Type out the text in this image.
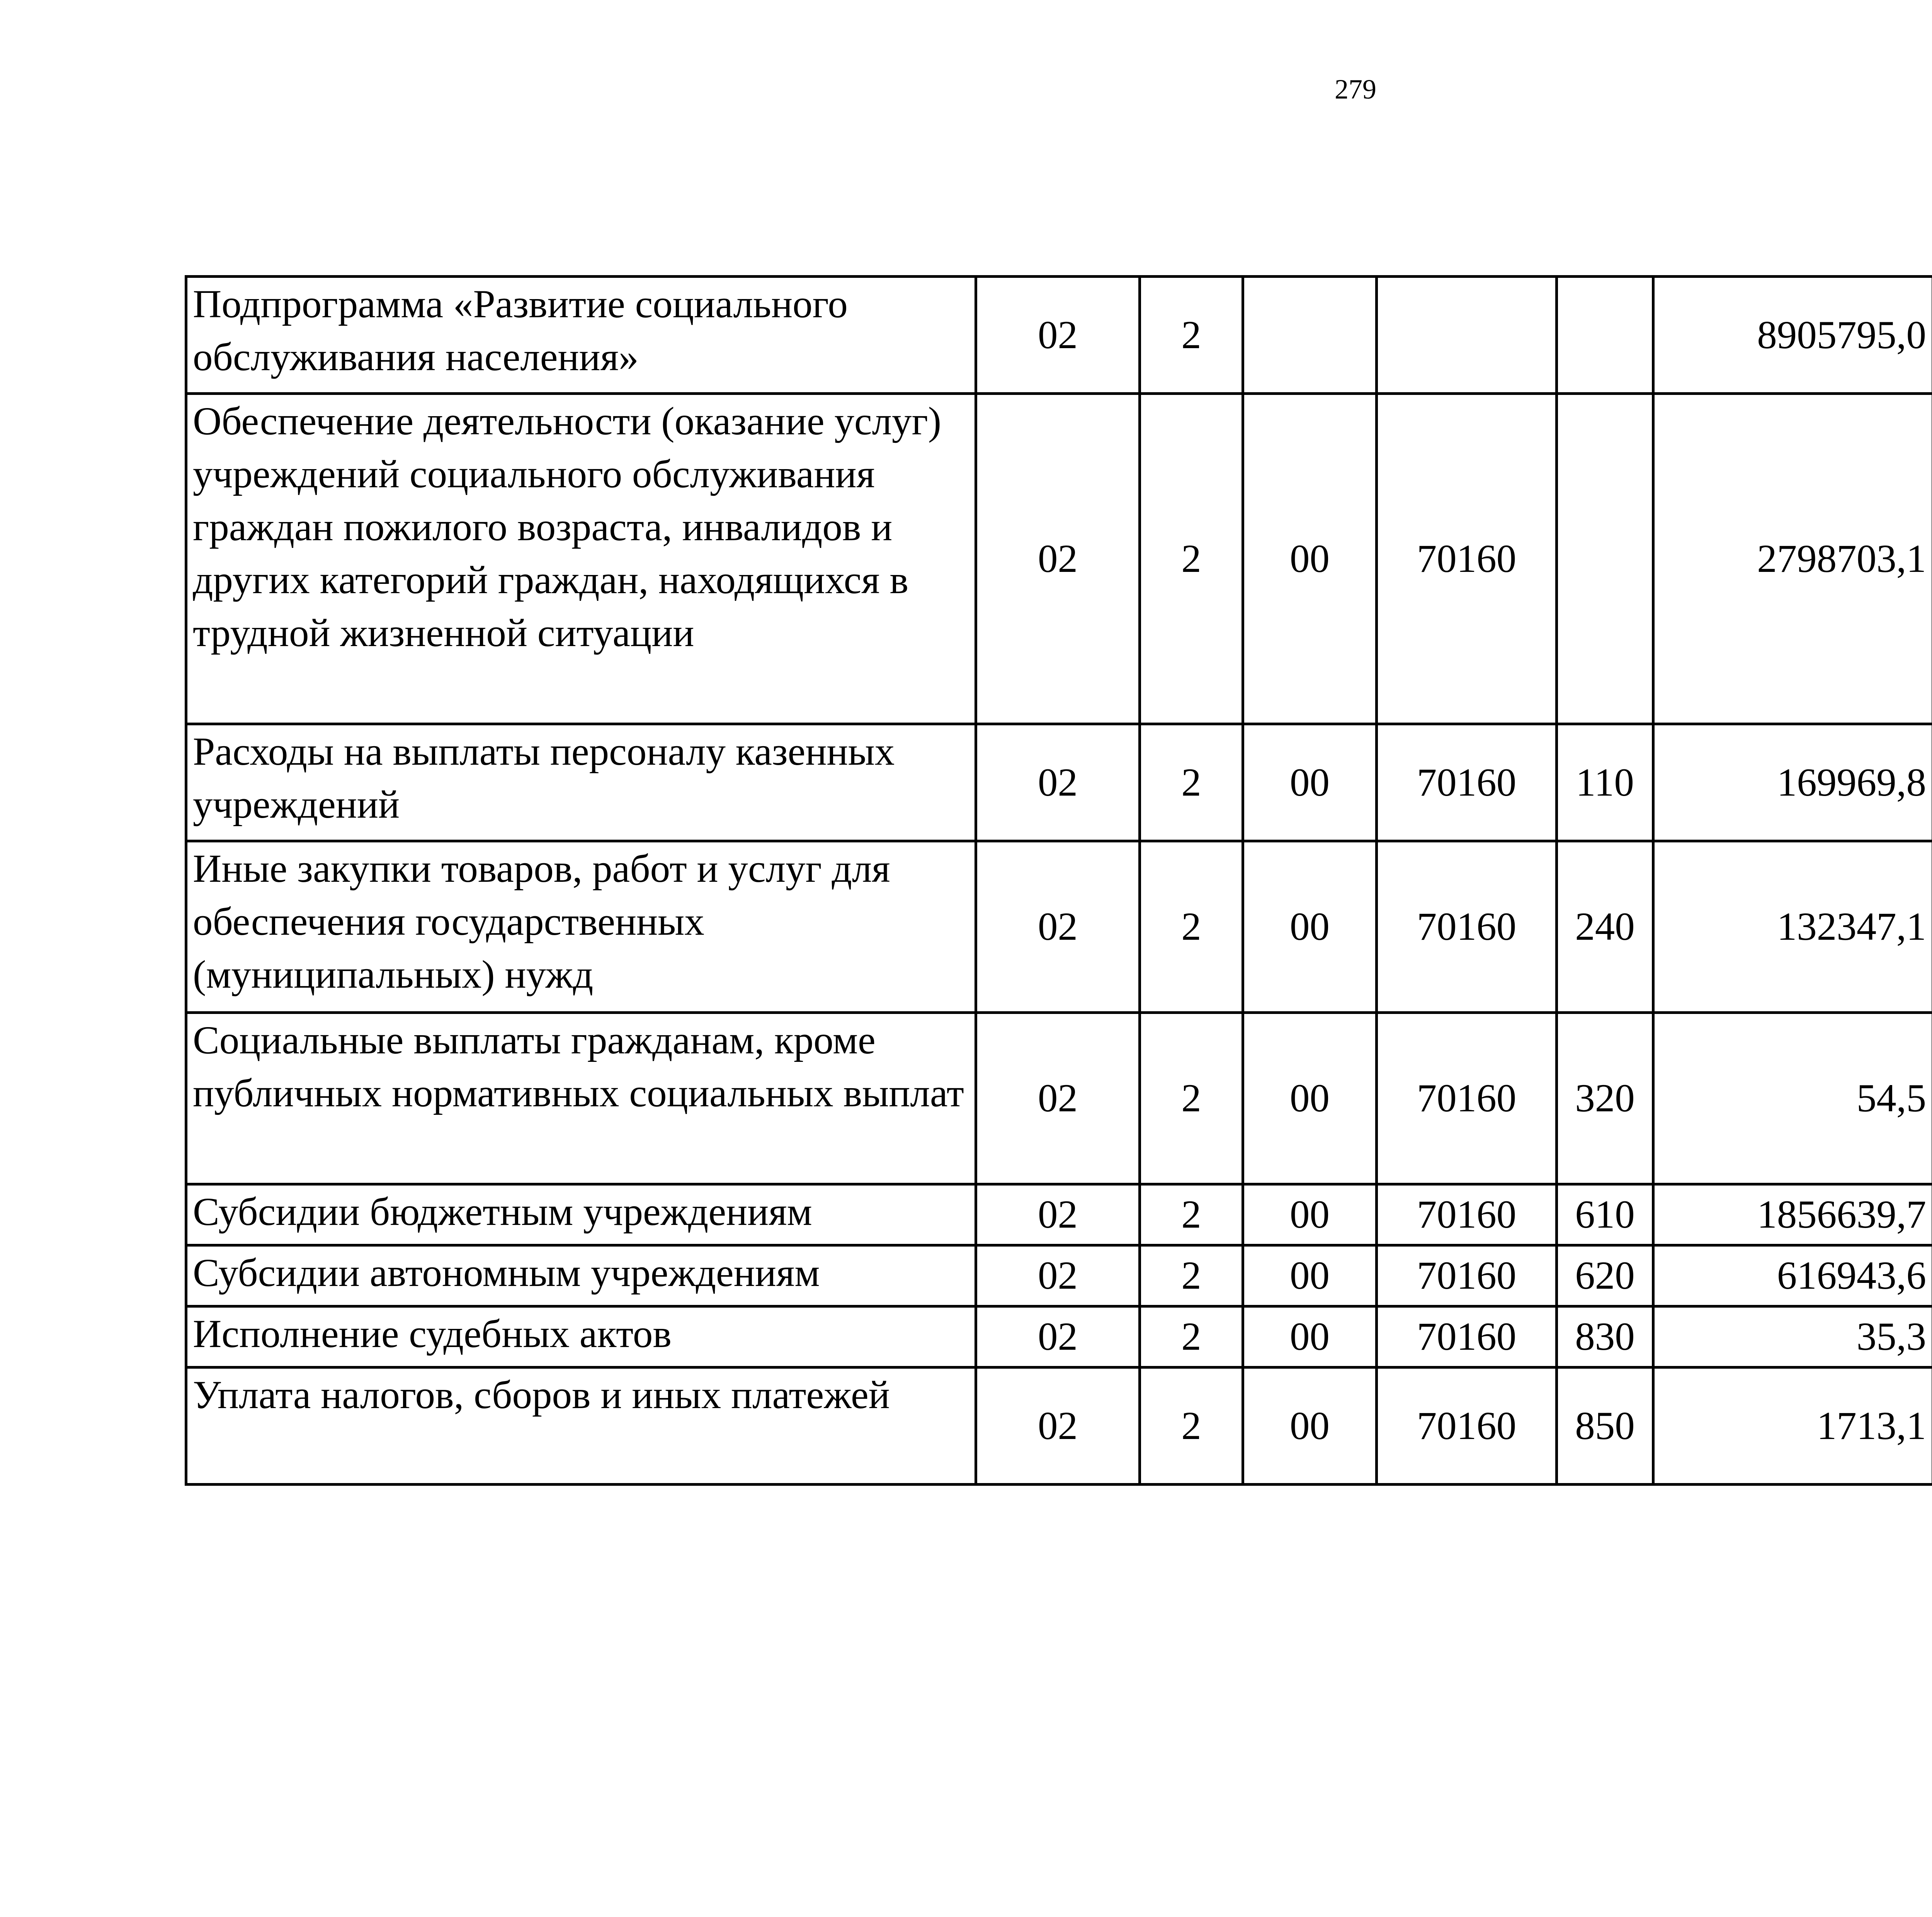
279
Подпрограмма «Развитие социального обслуживания населения»	02	2				8905795,0		
Обеспечение деятельности (оказание услуг) учреждений социального обслуживания граждан пожилого возраста, инвалидов и других категорий граждан, находящихся в трудной жизненной ситуации	02	2	00	70160		2798703,1		
Расходы на выплаты персоналу казенных учреждений	02	2	00	70160	110	169969,8		
Иные закупки товаров, работ и услуг для обеспечения государственных (муниципальных) нужд	02	2	00	70160	240	132347,1		
Социальные выплаты гражданам, кроме публичных нормативных социальных выплат	02	2	00	70160	320	54,5		
Субсидии бюджетным учреждениям	02	2	00	70160	610	1856639,7		
Субсидии автономным учреждениям	02	2	00	70160	620	616943,6		
Исполнение судебных актов	02	2	00	70160	830	35,3		
Уплата налогов, сборов и иных платежей	02	2	00	70160	850	1713,1		
